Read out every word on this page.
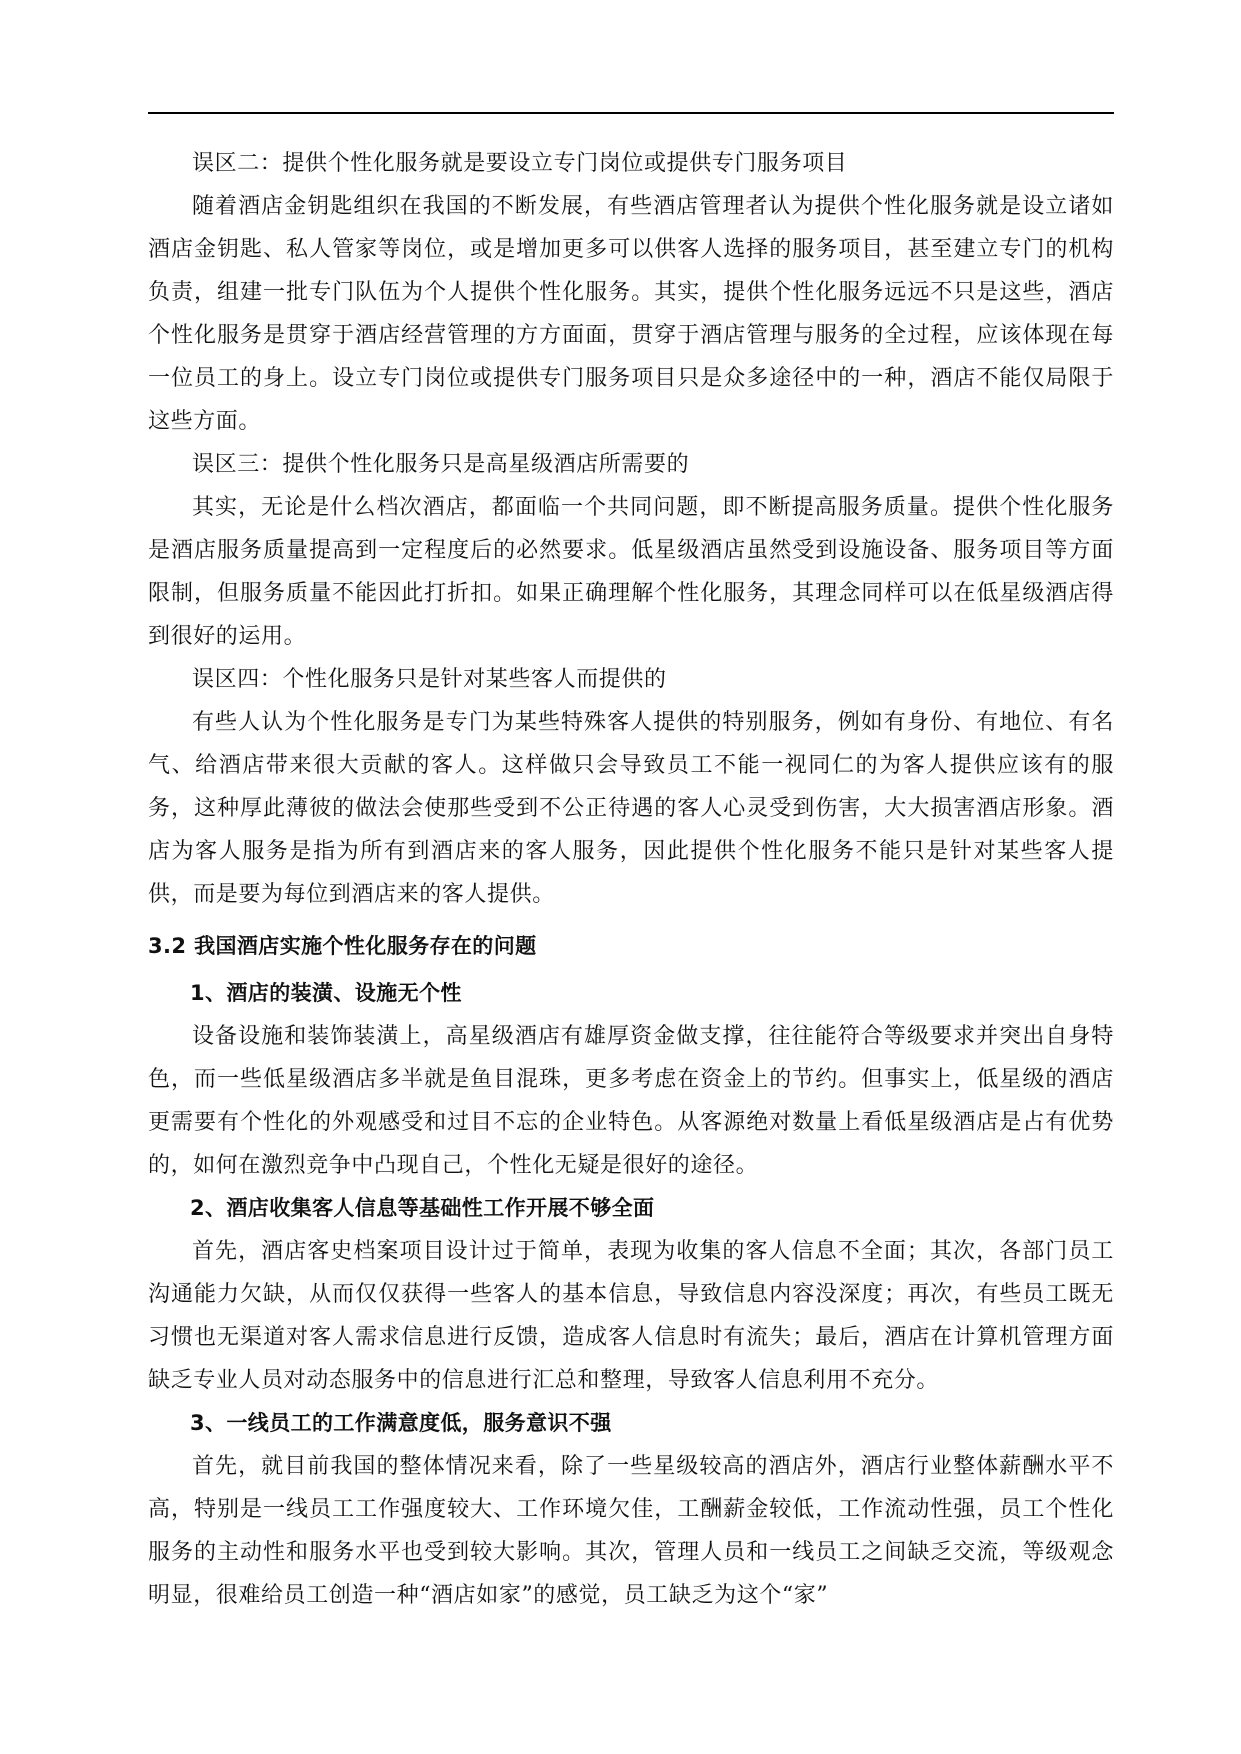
误区二：提供个性化服务就是要设立专门岗位或提供专门服务项目

随着酒店金钥匙组织在我国的不断发展，有些酒店管理者认为提供个性化服务就是设立诸如酒店金钥匙、私人管家等岗位，或是增加更多可以供客人选择的服务项目，甚至建立专门的机构负责，组建一批专门队伍为个人提供个性化服务。其实，提供个性化服务远远不只是这些，酒店个性化服务是贯穿于酒店经营管理的方方面面，贯穿于酒店管理与服务的全过程，应该体现在每一位员工的身上。设立专门岗位或提供专门服务项目只是众多途径中的一种，酒店不能仅局限于这些方面。

误区三：提供个性化服务只是高星级酒店所需要的

其实，无论是什么档次酒店，都面临一个共同问题，即不断提高服务质量。提供个性化服务是酒店服务质量提高到一定程度后的必然要求。低星级酒店虽然受到设施设备、服务项目等方面限制，但服务质量不能因此打折扣。如果正确理解个性化服务，其理念同样可以在低星级酒店得到很好的运用。

误区四：个性化服务只是针对某些客人而提供的

有些人认为个性化服务是专门为某些特殊客人提供的特别服务，例如有身份、有地位、有名气、给酒店带来很大贡献的客人。这样做只会导致员工不能一视同仁的为客人提供应该有的服务，这种厚此薄彼的做法会使那些受到不公正待遇的客人心灵受到伤害，大大损害酒店形象。酒店为客人服务是指为所有到酒店来的客人服务，因此提供个性化服务不能只是针对某些客人提供，而是要为每位到酒店来的客人提供。

3.2 我国酒店实施个性化服务存在的问题
1、酒店的装潢、设施无个性

设备设施和装饰装潢上，高星级酒店有雄厚资金做支撑，往往能符合等级要求并突出自身特色，而一些低星级酒店多半就是鱼目混珠，更多考虑在资金上的节约。但事实上，低星级的酒店更需要有个性化的外观感受和过目不忘的企业特色。从客源绝对数量上看低星级酒店是占有优势的，如何在激烈竞争中凸现自己，个性化无疑是很好的途径。

2、酒店收集客人信息等基础性工作开展不够全面

首先，酒店客史档案项目设计过于简单，表现为收集的客人信息不全面；其次，各部门员工沟通能力欠缺，从而仅仅获得一些客人的基本信息，导致信息内容没深度；再次，有些员工既无习惯也无渠道对客人需求信息进行反馈，造成客人信息时有流失；最后，酒店在计算机管理方面缺乏专业人员对动态服务中的信息进行汇总和整理，导致客人信息利用不充分。

3、一线员工的工作满意度低，服务意识不强

首先，就目前我国的整体情况来看，除了一些星级较高的酒店外，酒店行业整体薪酬水平不高，特别是一线员工工作强度较大、工作环境欠佳，工酬薪金较低，工作流动性强，员工个性化服务的主动性和服务水平也受到较大影响。其次，管理人员和一线员工之间缺乏交流，等级观念明显，很难给员工创造一种“酒店如家”的感觉，员工缺乏为这个“家”
